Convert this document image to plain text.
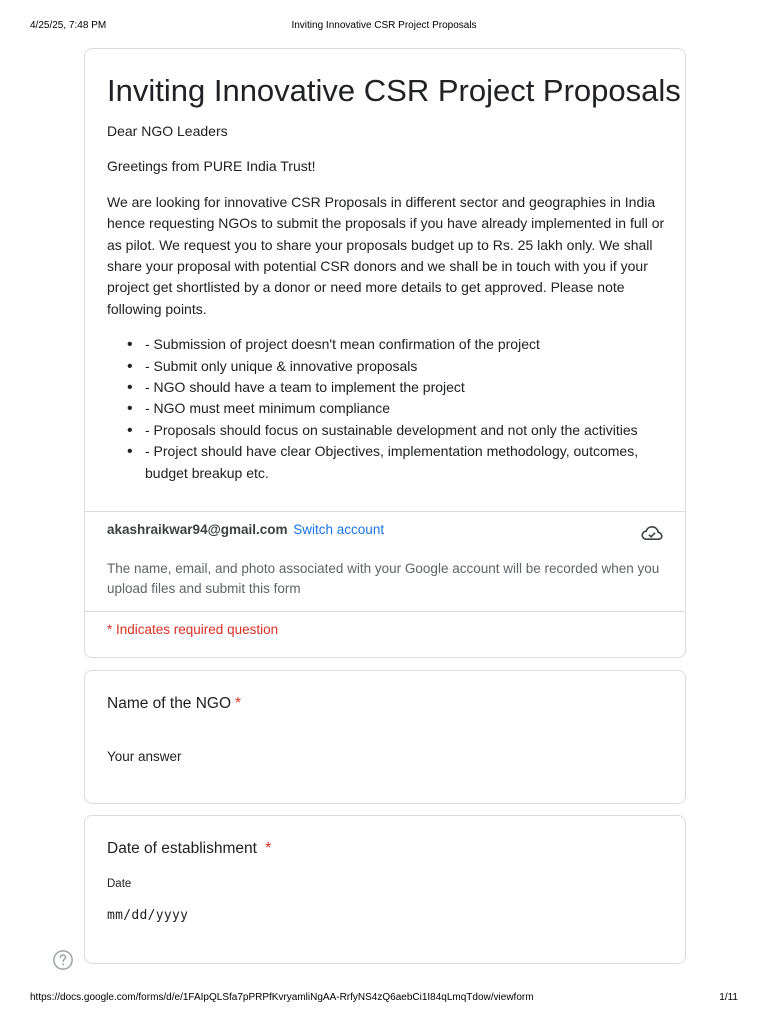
4/25/25, 7:48 PM	Inviting Innovative CSR Project Proposals
Inviting Innovative CSR Project Proposals

Dear NGO Leaders

Greetings from PURE India Trust!

We are looking for innovative CSR Proposals in different sector and geographies in India hence requesting NGOs to submit the proposals if you have already implemented in full or as pilot. We request you to share your proposals budget up to Rs. 25 lakh only. We shall share your proposal with potential CSR donors and we shall be in touch with you if your project get shortlisted by a donor or need more details to get approved. Please note following points.

• - Submission of project doesn't mean confirmation of the project
• - Submit only unique & innovative proposals
• - NGO should have a team to implement the project
• - NGO must meet minimum compliance
• - Proposals should focus on sustainable development and not only the activities
• - Project should have clear Objectives, implementation methodology, outcomes, budget breakup etc.
akashraikwar94@gmail.com Switch account

The name, email, and photo associated with your Google account will be recorded when you upload files and submit this form

* Indicates required question

Name of the NGO *
Your answer
Date of establishment *
Date
mm/dd/yyyy
https://docs.google.com/forms/d/e/1FAIpQLSfa7pPRPfKvryamliNgAA-RrfyNS4zQ6aebCi1I84qLmqTdow/viewform	1/11
